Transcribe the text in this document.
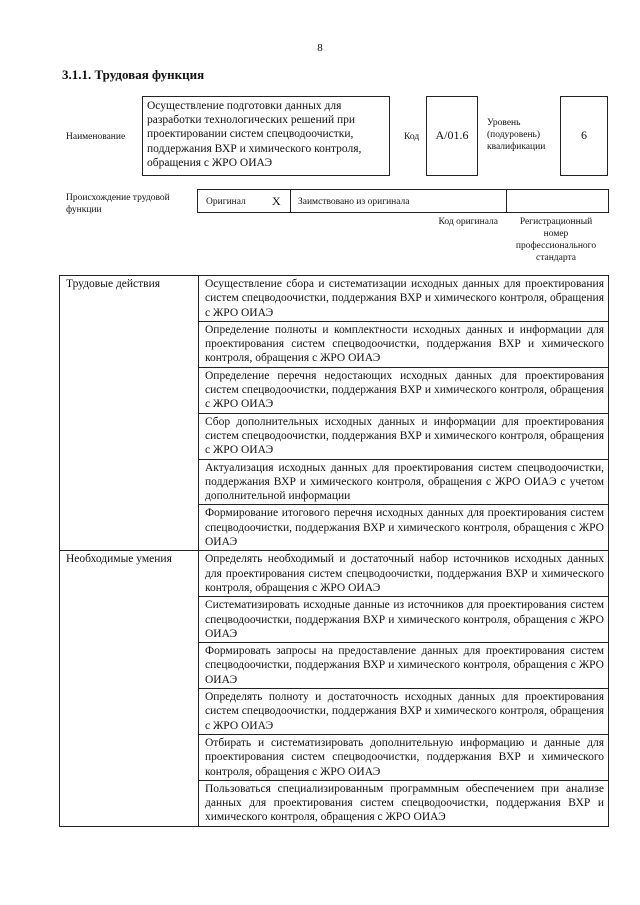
8
3.1.1. Трудовая функция
Наименование
Осуществление подготовки данных для разработки технологических решений при проектировании систем спецводоочистки, поддержания ВХР и химического контроля, обращения с ЖРО ОИАЭ
Код	A/01.6
Уровень (подуровень) квалификации
6
Происхождение трудовой функции
Оригинал X Заимствовано из оригинала
Код оригинала	Регистрационный номер профессионального стандарта
Трудовые действия	Осуществление сбора и систематизации исходных данных для проектирования систем спецводоочистки, поддержания ВХР и химического контроля, обращения с ЖРО ОИАЭ
	Определение полноты и комплектности исходных данных и информации для проектирования систем спецводоочистки, поддержания ВХР и химического контроля, обращения с ЖРО ОИАЭ
	Определение перечня недостающих исходных данных для проектирования систем спецводоочистки, поддержания ВХР и химического контроля, обращения с ЖРО ОИАЭ
	Сбор дополнительных исходных данных и информации для проектирования систем спецводоочистки, поддержания ВХР и химического контроля, обращения с ЖРО ОИАЭ
	Актуализация исходных данных для проектирования систем спецводоочистки, поддержания ВХР и химического контроля, обращения с ЖРО ОИАЭ с учетом дополнительной информации
	Формирование итогового перечня исходных данных для проектирования систем спецводоочистки, поддержания ВХР и химического контроля, обращения с ЖРО ОИАЭ
Необходимые умения	Определять необходимый и достаточный набор источников исходных данных для проектирования систем спецводоочистки, поддержания ВХР и химического контроля, обращения с ЖРО ОИАЭ
	Систематизировать исходные данные из источников для проектирования систем спецводоочистки, поддержания ВХР и химического контроля, обращения с ЖРО ОИАЭ
	Формировать запросы на предоставление данных для проектирования систем спецводоочистки, поддержания ВХР и химического контроля, обращения с ЖРО ОИАЭ
	Определять полноту и достаточность исходных данных для проектирования систем спецводоочистки, поддержания ВХР и химического контроля, обращения с ЖРО ОИАЭ
	Отбирать и систематизировать дополнительную информацию и данные для проектирования систем спецводоочистки, поддержания ВХР и химического контроля, обращения с ЖРО ОИАЭ
	Пользоваться специализированным программным обеспечением при анализе данных для проектирования систем спецводоочистки, поддержания ВХР и химического контроля, обращения с ЖРО ОИАЭ
